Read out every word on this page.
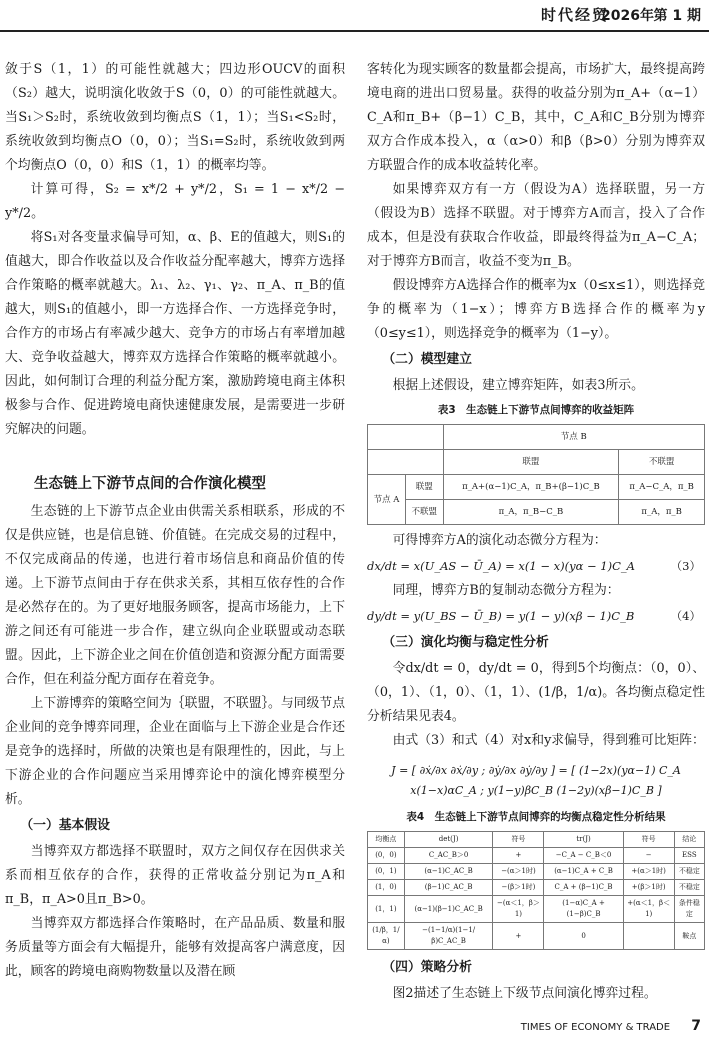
时代经贸
2026年 第 1 期

敛于S（1，1）的可能性就越大；四边形OUCV的面积（S₂）越大，说明演化收敛于S（0，0）的可能性就越大。当S₁＞S₂时，系统收敛到均衡点S（1，1）；当S₁<S₂时，系统收敛到均衡点O（0，0）；当S₁=S₂时，系统收敛到两个均衡点O（0，0）和S（1，1）的概率均等。

计算可得，S₂ = x*/2 + y*/2，S₁ = 1 − x*/2 − y*/2。

将S₁对各变量求偏导可知，α、β、E的值越大，则S₁的值越大，即合作收益以及合作收益分配率越大，博弈方选择合作策略的概率就越大。λ₁、λ₂、γ₁、γ₂、π_A、π_B的值越大，则S₁的值越小，即一方选择合作、一方选择竞争时，合作方的市场占有率减少越大、竞争方的市场占有率增加越大、竞争收益越大，博弈双方选择合作策略的概率就越小。因此，如何制订合理的利益分配方案，激励跨境电商主体积极参与合作、促进跨境电商快速健康发展，是需要进一步研究解决的问题。

生态链上下游节点间的合作演化模型

生态链的上下游节点企业由供需关系相联系，形成的不仅是供应链，也是信息链、价值链。在完成交易的过程中，不仅完成商品的传递，也进行着市场信息和商品价值的传递。上下游节点间由于存在供求关系，其相互依存性的合作是必然存在的。为了更好地服务顾客，提高市场能力，上下游之间还有可能进一步合作，建立纵向企业联盟或动态联盟。因此，上下游企业之间在价值创造和资源分配方面需要合作，但在利益分配方面存在着竞争。

上下游博弈的策略空间为｛联盟，不联盟｝。与同级节点企业间的竞争博弈同理，企业在面临与上下游企业是合作还是竞争的选择时，所做的决策也是有限理性的，因此，与上下游企业的合作问题应当采用博弈论中的演化博弈模型分析。

（一）基本假设

当博弈双方都选择不联盟时，双方之间仅存在因供求关系而相互依存的合作，获得的正常收益分别记为π_A和π_B，π_A>0且π_B>0。

当博弈双方都选择合作策略时，在产品品质、数量和服务质量等方面会有大幅提升，能够有效提高客户满意度，因此，顾客的跨境电商购物数量以及潜在顾

客转化为现实顾客的数量都会提高，市场扩大，最终提高跨境电商的进出口贸易量。获得的收益分别为π_A+（α−1）C_A和π_B+（β−1）C_B，其中，C_A和C_B分别为博弈双方合作成本投入，α（α>0）和β（β>0）分别为博弈双方联盟合作的成本收益转化率。

如果博弈双方有一方（假设为A）选择联盟，另一方（假设为B）选择不联盟。对于博弈方A而言，投入了合作成本，但是没有获取合作收益，即最终得益为π_A−C_A；对于博弈方B而言，收益不变为π_B。

假设博弈方A选择合作的概率为x（0≤x≤1），则选择竞争的概率为（1−x）；博弈方B选择合作的概率为y（0≤y≤1），则选择竞争的概率为（1−y）。

（二）模型建立

根据上述假设，建立博弈矩阵，如表3所示。

表3　生态链上下游节点间博弈的收益矩阵
		节点 B	
		联盟	不联盟
节点 A	联盟	π_A+(α−1)C_A，π_B+(β−1)C_B	π_A−C_A，π_B
	不联盟	π_A，π_B−C_B	π_A，π_B

可得博弈方A的演化动态微分方程为：

dx/dt = x(U_AS − Ū_A) = x(1 − x)(yα − 1)C_A	（3）

同理，博弈方B的复制动态微分方程为：

dy/dt = y(U_BS − Ū_B) = y(1 − y)(xβ − 1)C_B	（4）
（三）演化均衡与稳定性分析

令dx/dt = 0，dy/dt = 0，得到5个均衡点：（0，0）、（0，1）、（1，0）、（1，1）、(1/β，1/α)。各均衡点稳定性分析结果见表4。

由式（3）和式（4）对x和y求偏导，得到雅可比矩阵：

J = [ ∂ẋ/∂x ∂ẋ/∂y ; ∂ẏ/∂x ∂ẏ/∂y ] = [ (1−2x)(yα−1) C_A x(1−x)αC_A ; y(1−y)βC_B (1−2y)(xβ−1)C_B ]
表4　生态链上下游节点间博弈的均衡点稳定性分析结果
均衡点	det(J)	符号	tr(J)	符号	结论
(0，0)	C_AC_B＞0	+	−C_A − C_B＜0	−	ESS
(0，1)	(α−1)C_AC_B	−(α＞1时)	(α−1)C_A + C_B	+(α＞1时)	不稳定
(1，0)	(β−1)C_AC_B	−(β＞1时)	C_A + (β−1)C_B	+(β＞1时)	不稳定
(1，1)	(α−1)(β−1)C_AC_B	−(α＜1，β＞1)	(1−α)C_A + (1−β)C_B	+(α＜1，β＜1)	条件稳定
(1/β，1/α)	−(1−1/α)(1−1/β)C_AC_B	+	0		鞍点
（四）策略分析

图2描述了生态链上下级节点间演化博弈过程。

TIMES OF ECONOMY & TRADE 7
